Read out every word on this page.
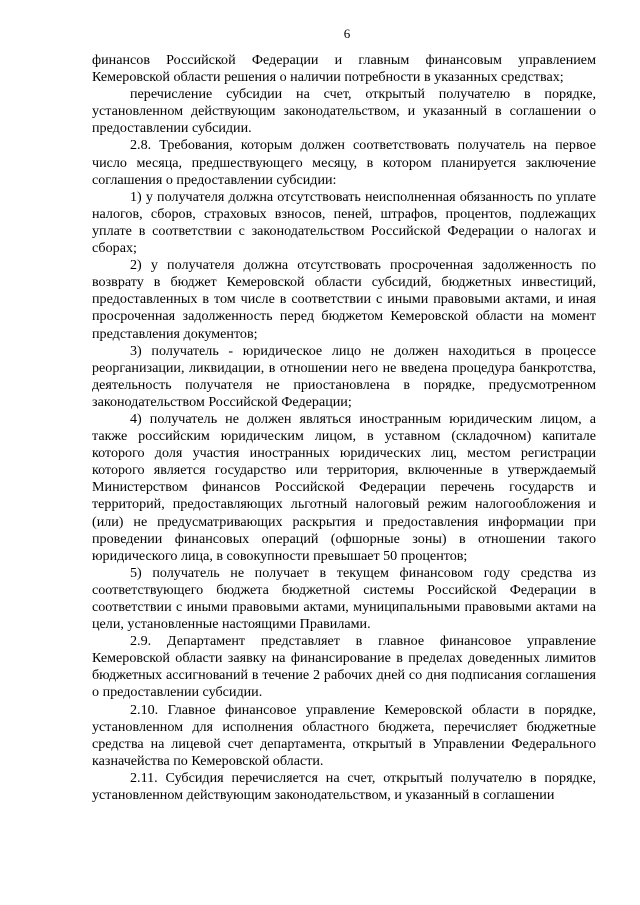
6

финансов Российской Федерации и главным финансовым управлением Кемеровской области решения о наличии потребности в указанных средствах;

перечисление субсидии на счет, открытый получателю в порядке, установленном действующим законодательством, и указанный в соглашении о предоставлении субсидии.

2.8. Требования, которым должен соответствовать получатель на первое число месяца, предшествующего месяцу, в котором планируется заключение соглашения о предоставлении субсидии:

1) у получателя должна отсутствовать неисполненная обязанность по уплате налогов, сборов, страховых взносов, пеней, штрафов, процентов, подлежащих уплате в соответствии с законодательством Российской Федерации о налогах и сборах;

2) у получателя должна отсутствовать просроченная задолженность по возврату в бюджет Кемеровской области субсидий, бюджетных инвестиций, предоставленных в том числе в соответствии с иными правовыми актами, и иная просроченная задолженность перед бюджетом Кемеровской области на момент представления документов;

3) получатель - юридическое лицо не должен находиться в процессе реорганизации, ликвидации, в отношении него не введена процедура банкротства, деятельность получателя не приостановлена в порядке, предусмотренном законодательством Российской Федерации;

4) получатель не должен являться иностранным юридическим лицом, а также российским юридическим лицом, в уставном (складочном) капитале которого доля участия иностранных юридических лиц, местом регистрации которого является государство или территория, включенные в утверждаемый Министерством финансов Российской Федерации перечень государств и территорий, предоставляющих льготный налоговый режим налогообложения и (или) не предусматривающих раскрытия и предоставления информации при проведении финансовых операций (офшорные зоны) в отношении такого юридического лица, в совокупности превышает 50 процентов;

5) получатель не получает в текущем финансовом году средства из соответствующего бюджета бюджетной системы Российской Федерации в соответствии с иными правовыми актами, муниципальными правовыми актами на цели, установленные настоящими Правилами.

2.9. Департамент представляет в главное финансовое управление Кемеровской области заявку на финансирование в пределах доведенных лимитов бюджетных ассигнований в течение 2 рабочих дней со дня подписания соглашения о предоставлении субсидии.

2.10. Главное финансовое управление Кемеровской области в порядке, установленном для исполнения областного бюджета, перечисляет бюджетные средства на лицевой счет департамента, открытый в Управлении Федерального казначейства по Кемеровской области.

2.11. Субсидия перечисляется на счет, открытый получателю в порядке, установленном действующим законодательством, и указанный в соглашении
